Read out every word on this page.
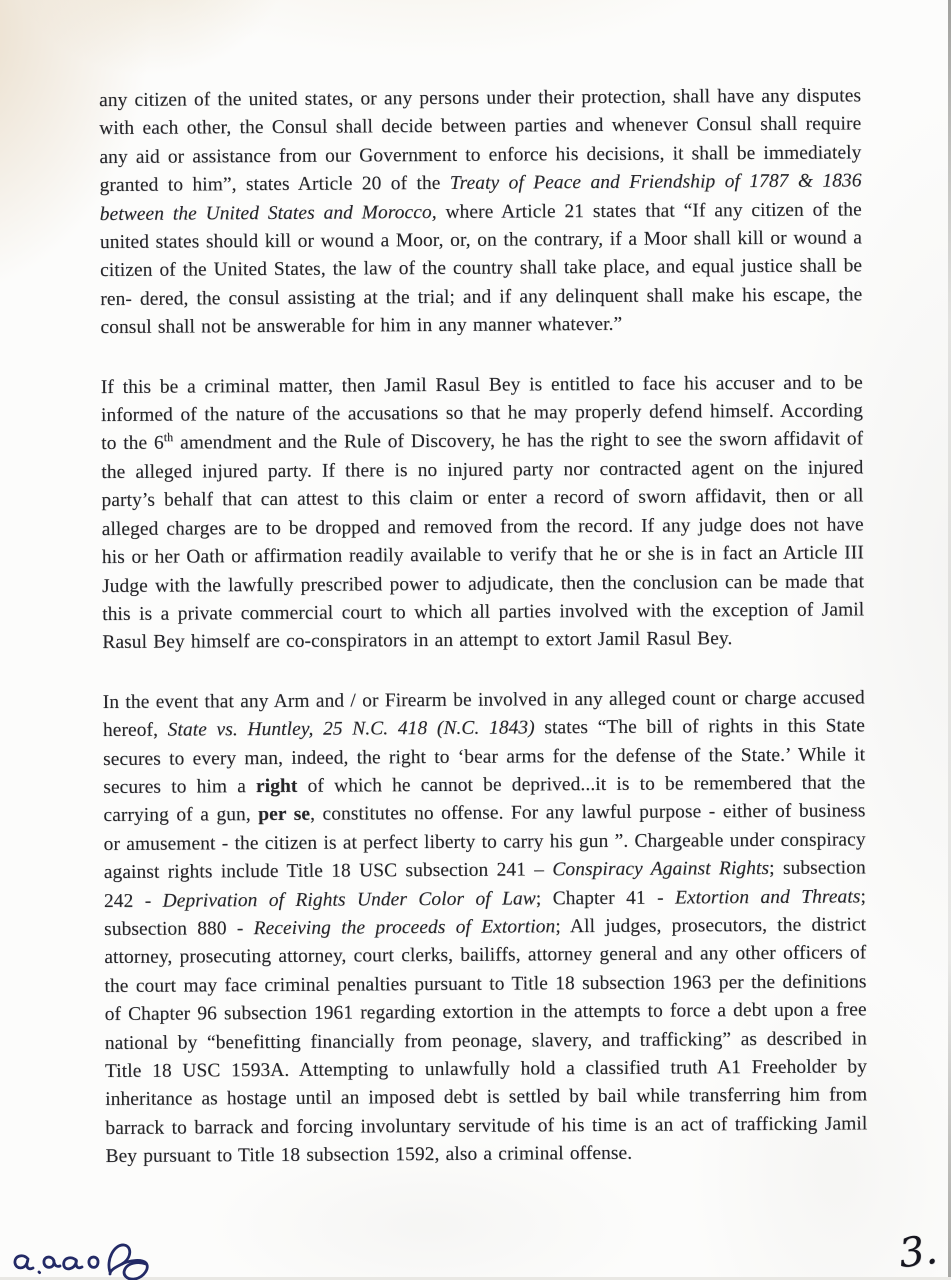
any citizen of the united states, or any persons under their protection, shall have any disputes with each other, the Consul shall decide between parties and whenever Consul shall require any aid or assistance from our Government to enforce his decisions, it shall be immediately granted to him”, states Article 20 of the Treaty of Peace and Friendship of 1787 & 1836 between the United States and Morocco, where Article 21 states that “If any citizen of the united states should kill or wound a Moor, or, on the contrary, if a Moor shall kill or wound a citizen of the United States, the law of the country shall take place, and equal justice shall be ren- dered, the consul assisting at the trial; and if any delinquent shall make his escape, the consul shall not be answerable for him in any manner whatever.”

If this be a criminal matter, then Jamil Rasul Bey is entitled to face his accuser and to be informed of the nature of the accusations so that he may properly defend himself. According to the 6th amendment and the Rule of Discovery, he has the right to see the sworn affidavit of the alleged injured party. If there is no injured party nor contracted agent on the injured party’s behalf that can attest to this claim or enter a record of sworn affidavit, then or all alleged charges are to be dropped and removed from the record. If any judge does not have his or her Oath or affirmation readily available to verify that he or she is in fact an Article III Judge with the lawfully prescribed power to adjudicate, then the conclusion can be made that this is a private commercial court to which all parties involved with the exception of Jamil Rasul Bey himself are co-conspirators in an attempt to extort Jamil Rasul Bey.

In the event that any Arm and / or Firearm be involved in any alleged count or charge accused hereof, State vs. Huntley, 25 N.C. 418 (N.C. 1843) states “The bill of rights in this State secures to every man, indeed, the right to ‘bear arms for the defense of the State.’ While it secures to him a right of which he cannot be deprived...it is to be remembered that the carrying of a gun, per se, constitutes no offense. For any lawful purpose - either of business or amusement - the citizen is at perfect liberty to carry his gun ”. Chargeable under conspiracy against rights include Title 18 USC subsection 241 – Conspiracy Against Rights; subsection 242 - Deprivation of Rights Under Color of Law; Chapter 41 - Extortion and Threats; subsection 880 - Receiving the proceeds of Extortion; All judges, prosecutors, the district attorney, prosecuting attorney, court clerks, bailiffs, attorney general and any other officers of the court may face criminal penalties pursuant to Title 18 subsection 1963 per the definitions of Chapter 96 subsection 1961 regarding extortion in the attempts to force a debt upon a free national by “benefitting financially from peonage, slavery, and trafficking” as described in Title 18 USC 1593A. Attempting to unlawfully hold a classified truth A1 Freeholder by inheritance as hostage until an imposed debt is settled by bail while transferring him from barrack to barrack and forcing involuntary servitude of his time is an act of trafficking Jamil Bey pursuant to Title 18 subsection 1592, also a criminal offense.

3.
